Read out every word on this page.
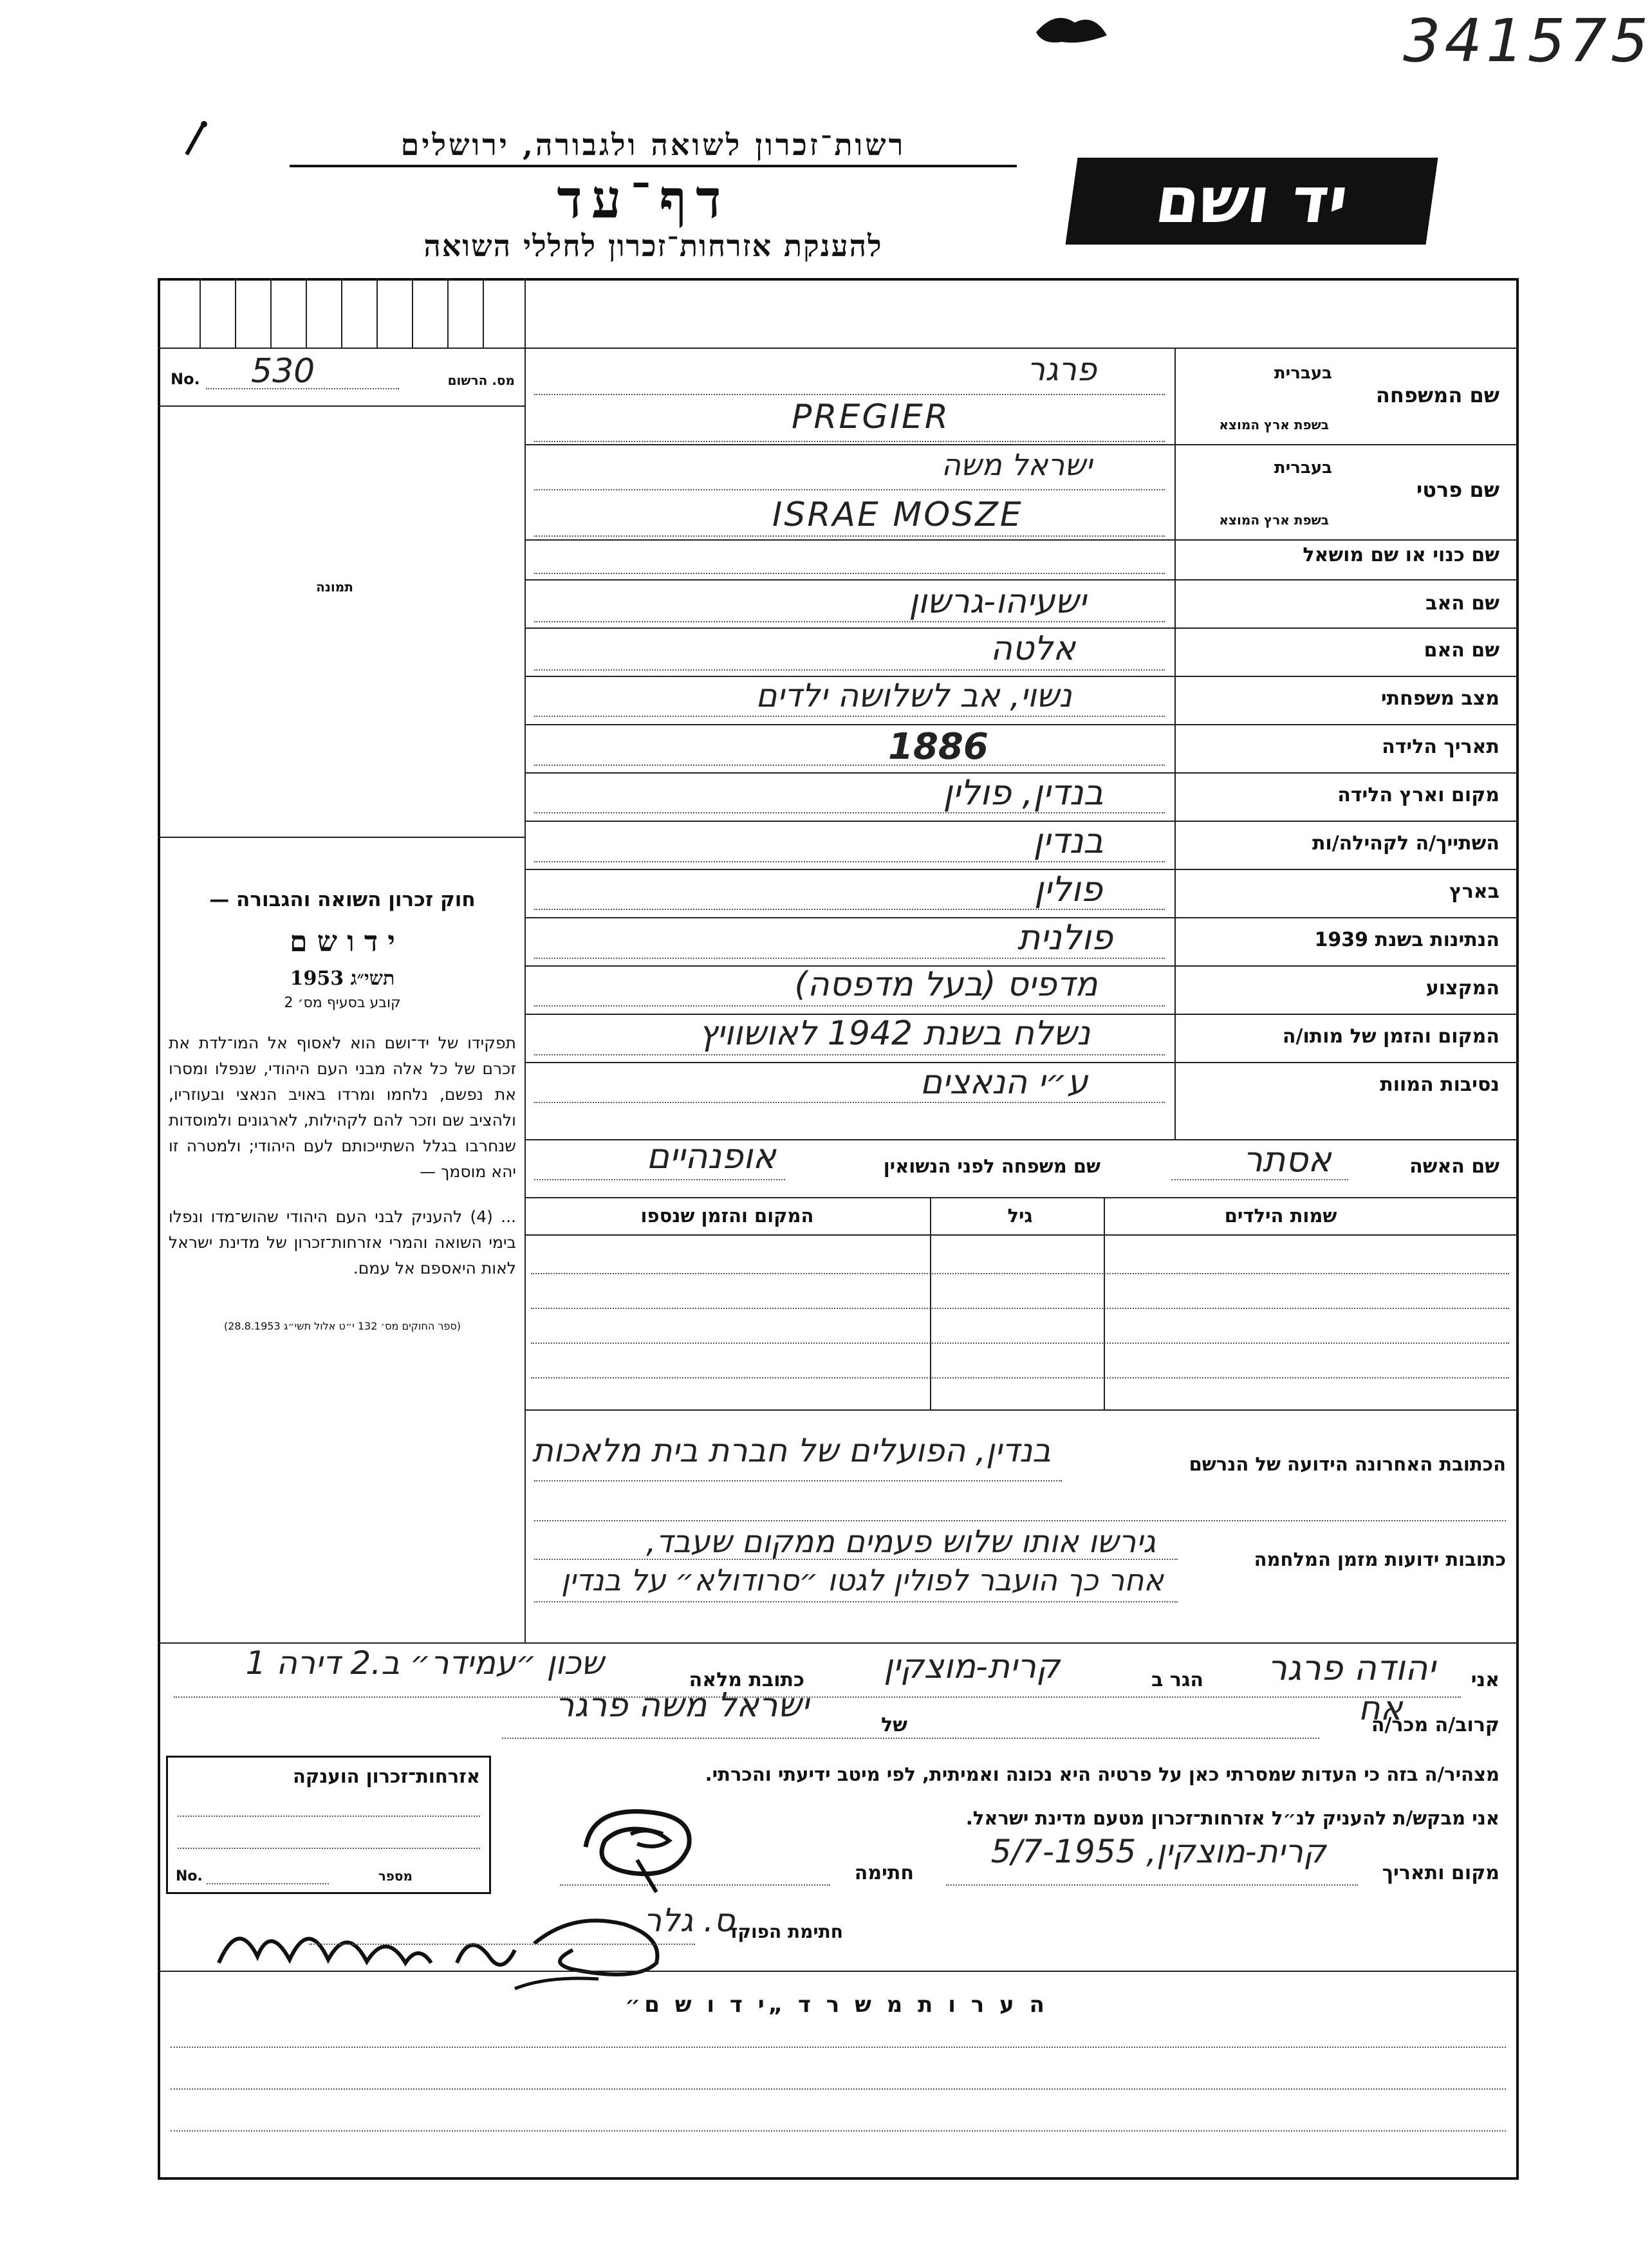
341575
רשות־זכרון לשואה ולגבורה, ירושלים
דף־עד
להענקת אזרחות־זכרון לחללי השואה
יד ושם
No. 530	מס. הרשום
תמונה
חוק זכרון השואה והגבורה —
י ד ו ש ם
תשי״ג 1953
קובע בסעיף מס׳ 2
תפקידו של יד־ושם הוא לאסוף אל המו־לדת את זכרם של כל אלה מבני העם היהודי, שנפלו ומסרו את נפשם, נלחמו ומרדו באויב הנאצי ובעוזריו, ולהציב שם וזכר להם לקהילות, לארגונים ולמוסדות שנחרבו בגלל השתייכותם לעם היהודי; ולמטרה זו יהא מוסמך —
... (4) להעניק לבני העם היהודי שהוש־מדו ונפלו בימי השואה והמרי אזרחות־זכרון של מדינת ישראל לאות היאספם אל עמם.
(ספר החוקים מס׳ 132 י״ט אלול תשי״ג 28.8.1953)
שם המשפחה
בעברית
בשפת ארץ המוצא
פרגר
PREGIER
שם פרטי
בעברית
בשפת ארץ המוצא
ישראל משה
ISRAE MOSZE
שם כנוי או שם מושאל
שם האב
ישעיהו-גרשון
שם האם
אלטה
מצב משפחתי
נשוי, אב לשלושה ילדים
תאריך הלידה
1886
מקום וארץ הלידה
בנדין, פולין
השתייך/ה לקהילה/ות
בנדין
בארץ
פולין
הנתינות בשנת 1939
פולנית
המקצוע
מדפיס (בעל מדפסה)
המקום והזמן של מותו/ה
נשלח בשנת 1942 לאושוויץ
נסיבות המוות
ע״י הנאצים
שם האשה
אסתר
שם משפחה לפני הנשואין
אופנהיים
שמות הילדים
גיל
המקום והזמן שנספו
הכתובת האחרונה הידועה של הנרשם
בנדין, הפועלים של חברת בית מלאכות
כתובות ידועות מזמן המלחמה
גירשו אותו שלוש פעמים ממקום שעבד,
אחר כך הועבר לפולין לגטו ״סרודולא״ על בנדין
אני
יהודה פרגר
הגר ב
קרית-מוצקין
כתובת מלאה
שכון ״עמידר״ ב.2 דירה 1
קרוב/ה מכר/ה
אח
של
ישראל משה פרגר
מצהיר/ה בזה כי העדות שמסרתי כאן על פרטיה היא נכונה ואמיתית, לפי מיטב ידיעתי והכרתי.
אני מבקש/ת להעניק לנ״ל אזרחות־זכרון מטעם מדינת ישראל.
מקום ותאריך
קרית-מוצקין, 5/7-1955
חתימה
אזרחות־זכרון הוענקה
No.	מספר
חתימת הפוקד
ס. גלר
ה ע ר ו ת מ ש ר ד „י ד ו ש ם״
